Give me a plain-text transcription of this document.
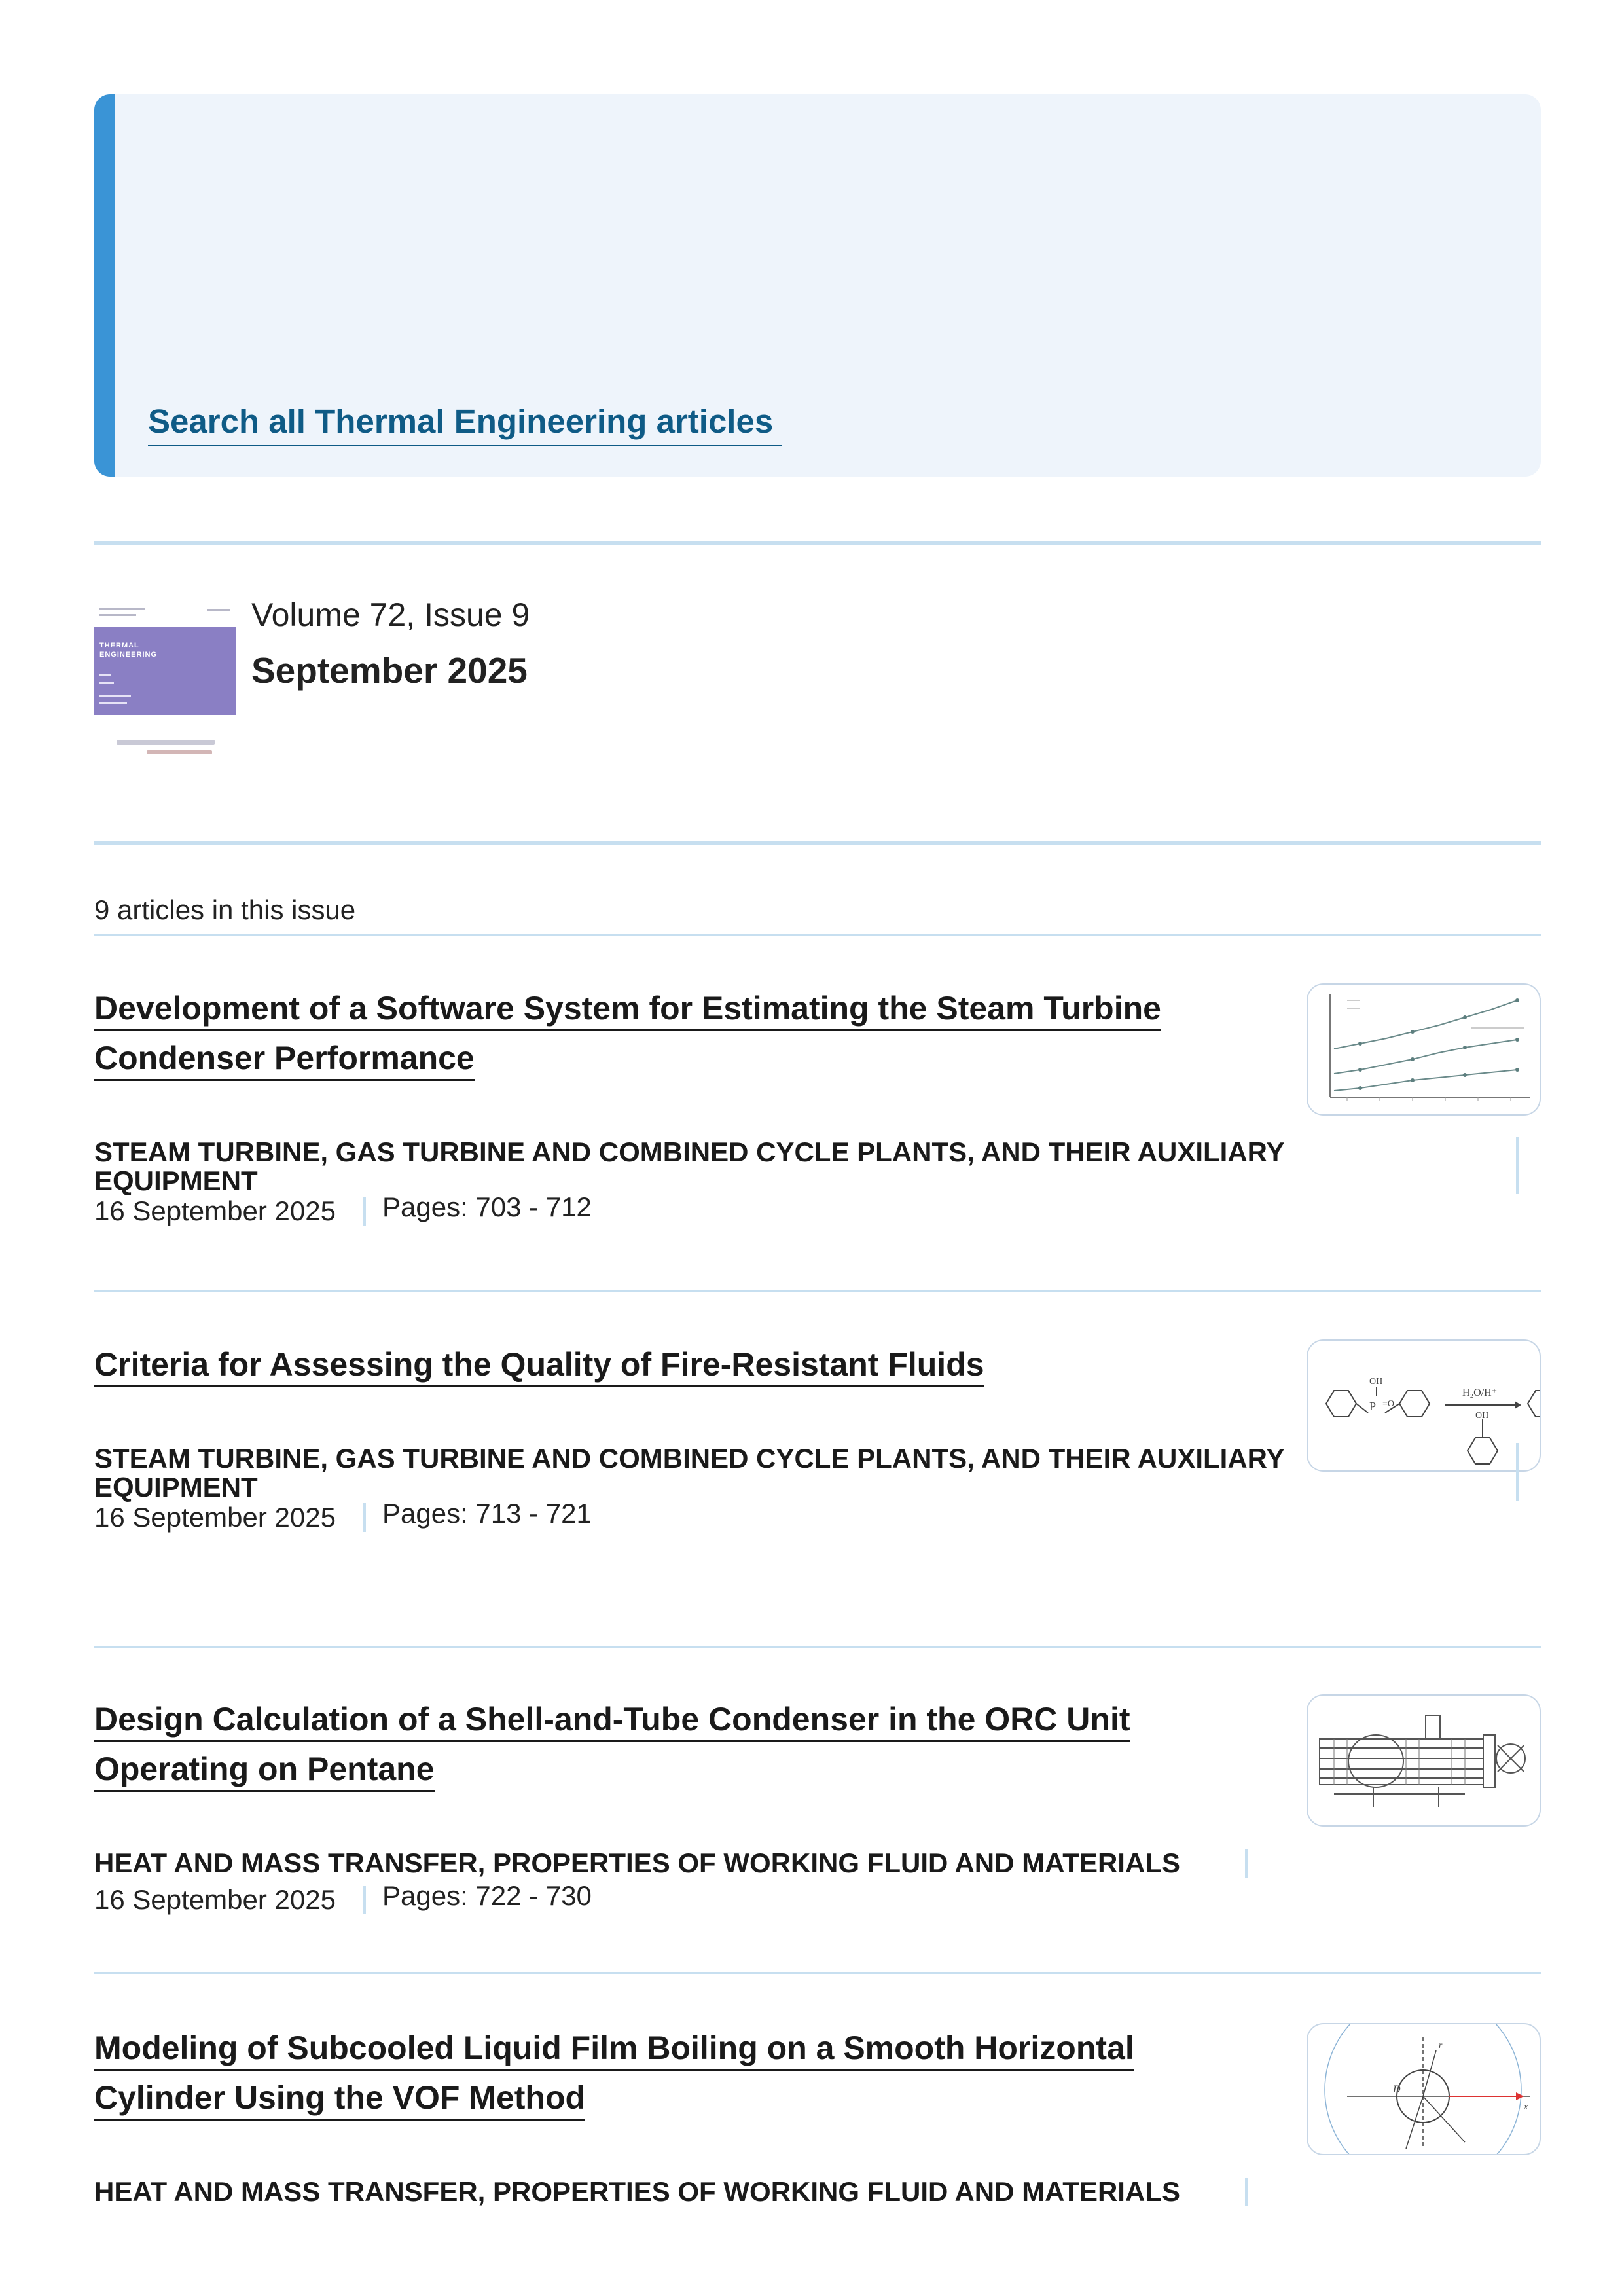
Search all Thermal Engineering articles
THERMAL
ENGINEERING
Volume 72, Issue 9
September 2025
9 articles in this issue
Development of a Software System for Estimating the Steam Turbine
Condenser Performance
STEAM TURBINE, GAS TURBINE AND COMBINED CYCLE PLANTS, AND THEIR AUXILIARY EQUIPMENT
16 September 2025 Pages: 703 - 712
Criteria for Assessing the Quality of Fire-Resistant Fluids
P =O
OH
H₂O/H⁺
OH
STEAM TURBINE, GAS TURBINE AND COMBINED CYCLE PLANTS, AND THEIR AUXILIARY EQUIPMENT
16 September 2025 Pages: 713 - 721
Design Calculation of a Shell-and-Tube Condenser in the ORC Unit
Operating on Pentane
HEAT AND MASS TRANSFER, PROPERTIES OF WORKING FLUID AND MATERIALS
16 September 2025 Pages: 722 - 730
Modeling of Subcooled Liquid Film Boiling on a Smooth Horizontal
Cylinder Using the VOF Method	D
r
x
HEAT AND MASS TRANSFER, PROPERTIES OF WORKING FLUID AND MATERIALS
